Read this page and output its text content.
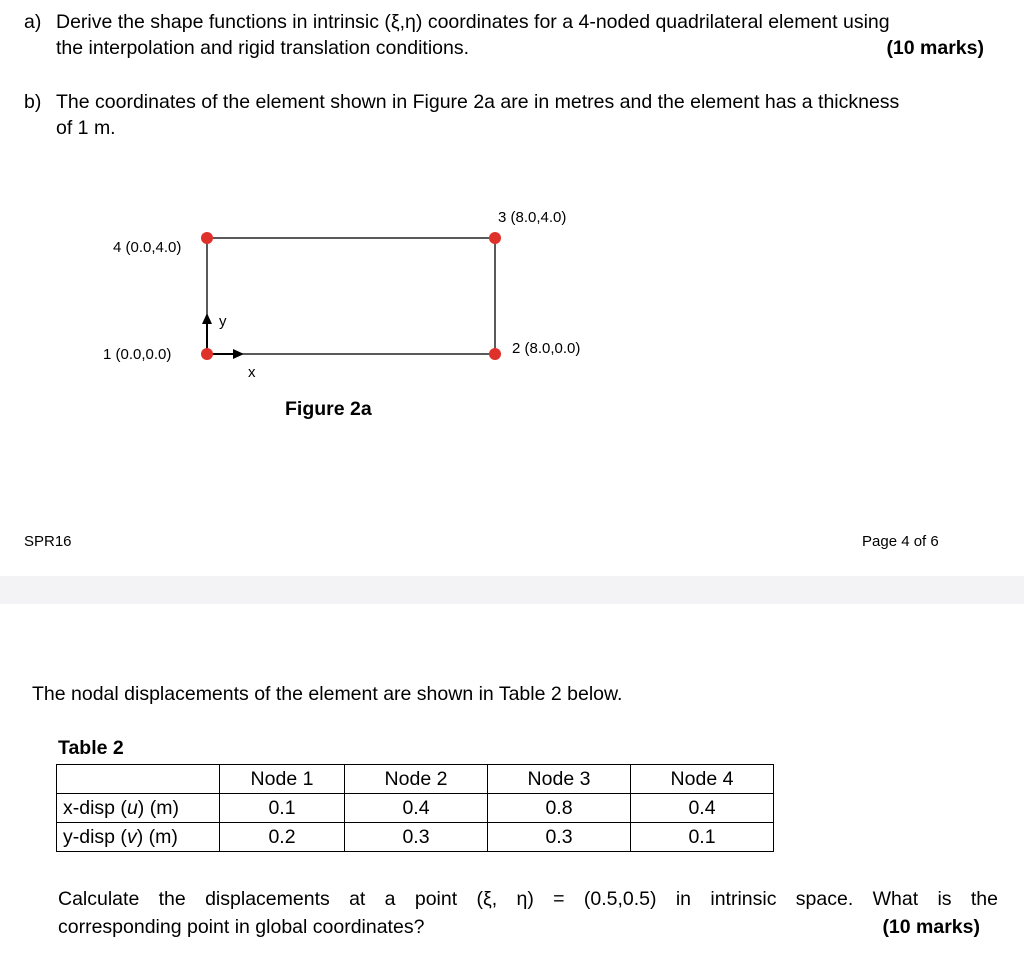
a) Derive the shape functions in intrinsic (ξ,η) coordinates for a 4-noded quadrilateral element using
the interpolation and rigid translation conditions.	(10 marks)
b) The coordinates of the element shown in Figure 2a are in metres and the element has a thickness
of 1 m.
1 (0.0,0.0)	2 (8.0,0.0)
3 (8.0,4.0)
4 (0.0,4.0)
y
x
Figure 2a
SPR16	Page 4 of 6
The nodal displacements of the element are shown in Table 2 below.
Table 2
	Node 1	Node 2	Node 3	Node 4
x-disp (u) (m)	0.1	0.4	0.8	0.4
y-disp (v) (m)	0.2	0.3	0.3	0.1
Calculate the displacements at a point (ξ, η) = (0.5,0.5) in intrinsic space. What is the
corresponding point in global coordinates?	(10 marks)
